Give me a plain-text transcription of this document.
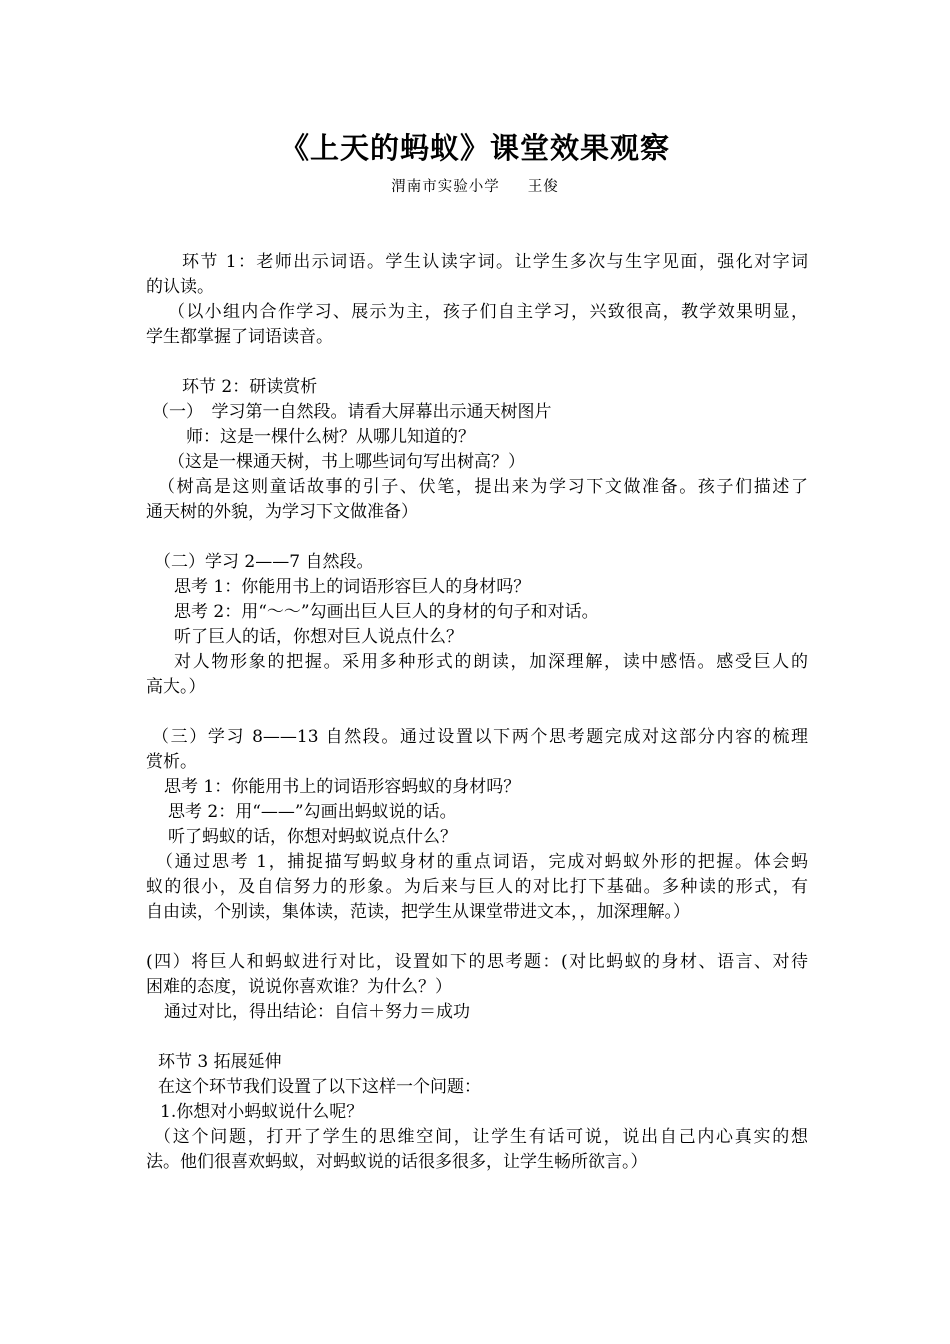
《上天的蚂蚁》课堂效果观察
渭南市实验小学 王俊
环节 1：老师出示词语。学生认读字词。让学生多次与生字见面，强化对字词
的认读。
（以小组内合作学习、展示为主，孩子们自主学习，兴致很高，教学效果明显，
学生都掌握了词语读音。
环节 2：研读赏析
（一）　学习第一自然段。请看大屏幕出示通天树图片
师：这是一棵什么树？从哪儿知道的？
（这是一棵通天树，书上哪些词句写出树高？）
（树高是这则童话故事的引子、伏笔，提出来为学习下文做准备。孩子们描述了
通天树的外貌，为学习下文做准备）
（二）学习 2——7 自然段。
思考 1：你能用书上的词语形容巨人的身材吗？
思考 2：用“～～”勾画出巨人巨人的身材的句子和对话。
听了巨人的话，你想对巨人说点什么？
对人物形象的把握。采用多种形式的朗读，加深理解，读中感悟。感受巨人的
高大。）
（三）学习 8——13 自然段。通过设置以下两个思考题完成对这部分内容的梳理
赏析。
思考 1：你能用书上的词语形容蚂蚁的身材吗？
思考 2：用“——”勾画出蚂蚁说的话。
听了蚂蚁的话，你想对蚂蚁说点什么？
（通过思考 1，捕捉描写蚂蚁身材的重点词语，完成对蚂蚁外形的把握。体会蚂
蚁的很小，及自信努力的形象。为后来与巨人的对比打下基础。多种读的形式，有
自由读，个别读，集体读，范读，把学生从课堂带进文本，，加深理解。）
(四）将巨人和蚂蚁进行对比，设置如下的思考题：(对比蚂蚁的身材、语言、对待
困难的态度，说说你喜欢谁？为什么？）
通过对比，得出结论：自信＋努力＝成功
环节 3 拓展延伸
在这个环节我们设置了以下这样一个问题：
1.你想对小蚂蚁说什么呢？
（这个问题，打开了学生的思维空间，让学生有话可说，说出自己内心真实的想
法。他们很喜欢蚂蚁，对蚂蚁说的话很多很多，让学生畅所欲言。）
